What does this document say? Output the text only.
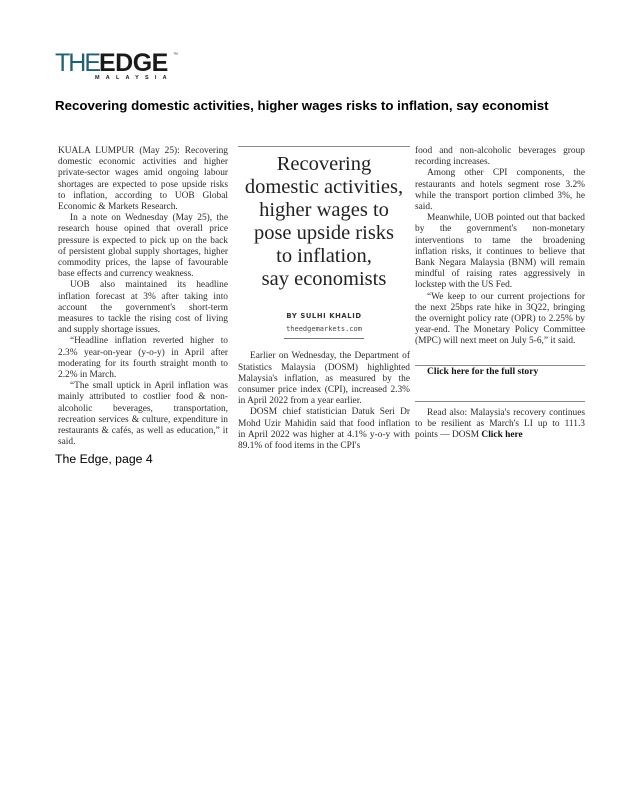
THE EDGE ™
MALAYSIA
Recovering domestic activities, higher wages risks to inflation, say economist

KUALA LUMPUR (May 25): Recovering domestic economic activities and higher private-sector wages amid ongoing labour shortages are expected to pose upside risks to inflation, according to UOB Global Economic & Markets Research.

In a note on Wednesday (May 25), the research house opined that overall price pressure is expected to pick up on the back of persistent global supply shortages, higher commodity prices, the lapse of favourable base effects and currency weakness.

UOB also maintained its headline inflation forecast at 3% after taking into account the government's short-term measures to tackle the rising cost of living and supply shortage issues.

“Headline inflation reverted higher to 2.3% year-on-year (y-o-y) in April after moderating for its fourth straight month to 2.2% in March.

“The small uptick in April inflation was mainly attributed to costlier food & non-alcoholic beverages, transportation, recreation services & culture, expenditure in restaurants & cafés, as well as education,” it said.

Recovering
domestic activities,
higher wages to
pose upside risks
to inflation,
say economists
BY SULHI KHALID
theedgemarkets.com

Earlier on Wednesday, the Department of Statistics Malaysia (DOSM) highlighted Malaysia's inflation, as measured by the consumer price index (CPI), increased 2.3% in April 2022 from a year earlier.

DOSM chief statistician Datuk Seri Dr Mohd Uzir Mahidin said that food inflation in April 2022 was higher at 4.1% y-o-y with 89.1% of food items in the CPI's

food and non-alcoholic beverages group recording increases.

Among other CPI components, the restaurants and hotels segment rose 3.2% while the transport portion climbed 3%, he said.

Meanwhile, UOB pointed out that backed by the government's non-monetary interventions to tame the broadening inflation risks, it continues to believe that Bank Negara Malaysia (BNM) will remain mindful of raising rates aggressively in lockstep with the US Fed.

“We keep to our current projections for the next 25bps rate hike in 3Q22, bringing the overnight policy rate (OPR) to 2.25% by year-end. The Monetary Policy Committee (MPC) will next meet on July 5-6,” it said.

Click here for the full story

Read also: Malaysia's recovery continues to be resilient as March's LI up to 111.3 points — DOSM Click here

The Edge, page 4
